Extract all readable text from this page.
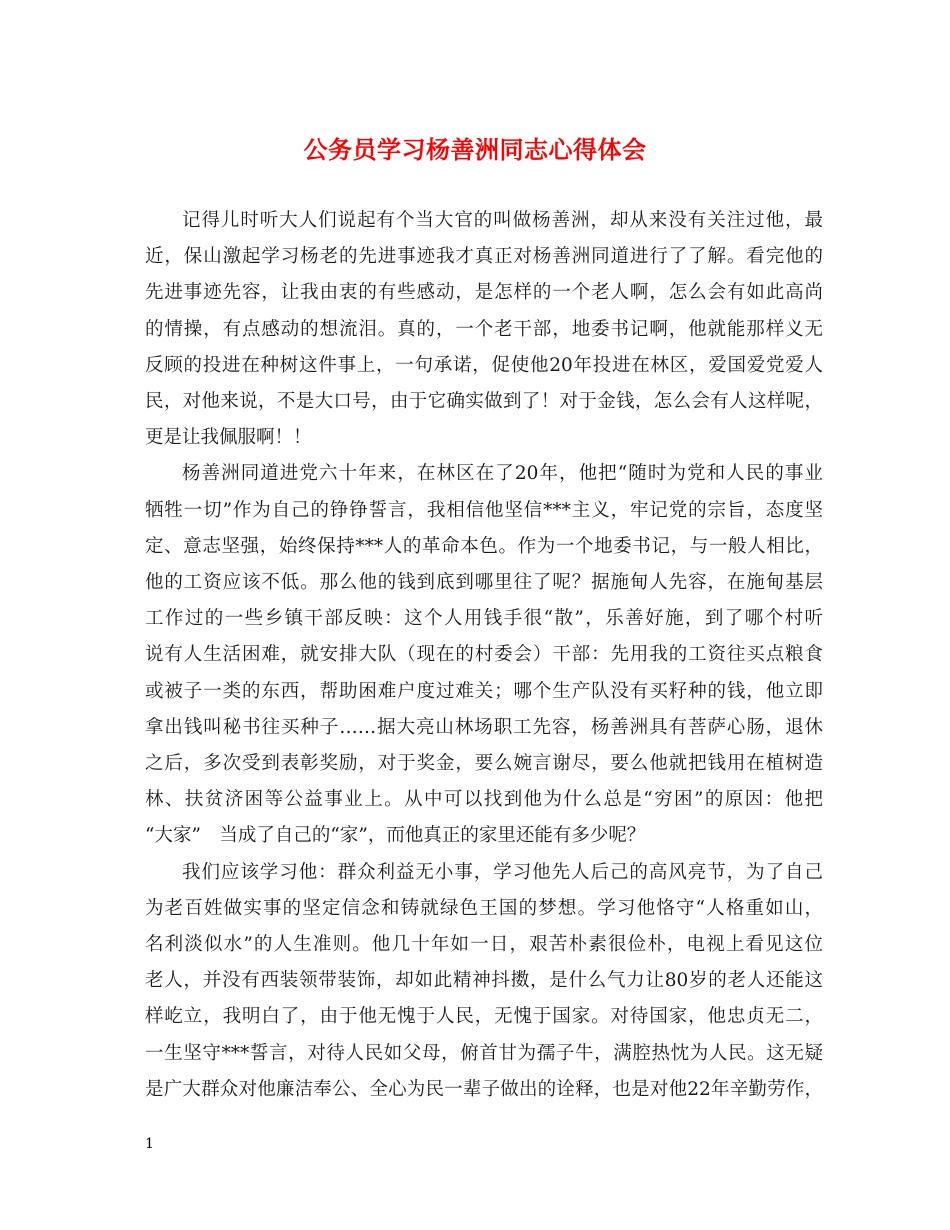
公务员学习杨善洲同志心得体会

记得儿时听大人们说起有个当大官的叫做杨善洲，却从来没有关注过他，最
近，保山激起学习杨老的先进事迹我才真正对杨善洲同道进行了了解。看完他的
先进事迹先容，让我由衷的有些感动，是怎样的一个老人啊，怎么会有如此高尚
的情操，有点感动的想流泪。真的，一个老干部，地委书记啊，他就能那样义无
反顾的投进在种树这件事上，一句承诺，促使他20年投进在林区，爱国爱党爱人
民，对他来说，不是大口号，由于它确实做到了！对于金钱，怎么会有人这样呢，
更是让我佩服啊！！

杨善洲同道进党六十年来，在林区在了20年，他把“随时为党和人民的事业
牺牲一切”作为自己的铮铮誓言，我相信他坚信***主义，牢记党的宗旨，态度坚
定、意志坚强，始终保持***人的革命本色。作为一个地委书记，与一般人相比，
他的工资应该不低。那么他的钱到底到哪里往了呢？据施甸人先容，在施甸基层
工作过的一些乡镇干部反映：这个人用钱手很“散”，乐善好施，到了哪个村听
说有人生活困难，就安排大队（现在的村委会）干部：先用我的工资往买点粮食
或被子一类的东西，帮助困难户度过难关；哪个生产队没有买籽种的钱，他立即
拿出钱叫秘书往买种子……据大亮山林场职工先容，杨善洲具有菩萨心肠，退休
之后，多次受到表彰奖励，对于奖金，要么婉言谢尽，要么他就把钱用在植树造
林、扶贫济困等公益事业上。从中可以找到他为什么总是“穷困”的原因：他把
“大家”　当成了自己的“家”，而他真正的家里还能有多少呢？

我们应该学习他：群众利益无小事，学习他先人后己的高风亮节，为了自己
为老百姓做实事的坚定信念和铸就绿色王国的梦想。学习他恪守“人格重如山，
名利淡似水”的人生准则。他几十年如一日，艰苦朴素很俭朴，电视上看见这位
老人，并没有西装领带装饰，却如此精神抖擞，是什么气力让80岁的老人还能这
样屹立，我明白了，由于他无愧于人民，无愧于国家。对待国家，他忠贞无二，
一生坚守***誓言，对待人民如父母，俯首甘为孺子牛，满腔热忱为人民。这无疑
是广大群众对他廉洁奉公、全心为民一辈子做出的诠释，也是对他22年辛勤劳作，

1
